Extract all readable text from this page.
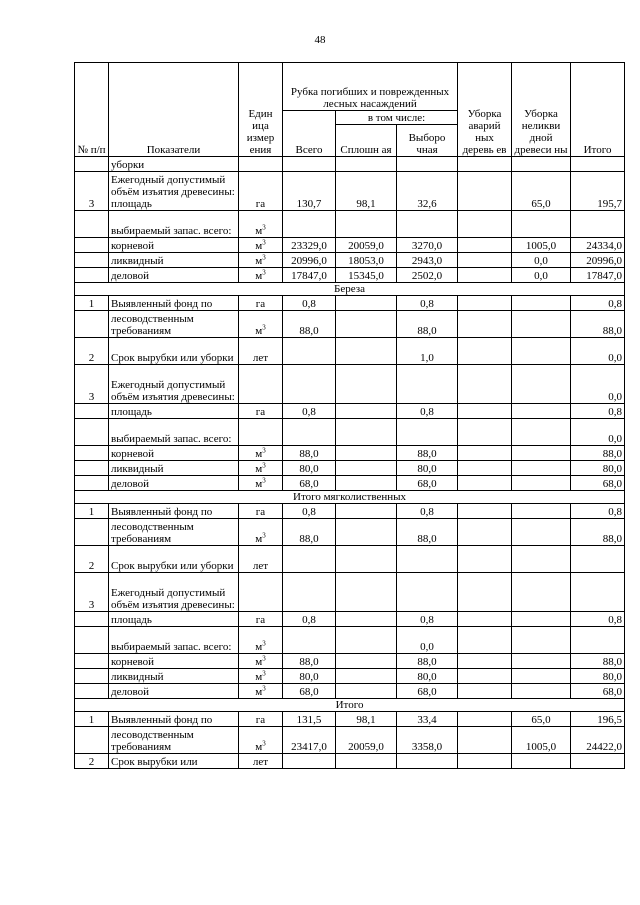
48
№ п/п	Показатели	Един ица измер ения	Рубка погибших и поврежденных лесных насаждений			Уборка аварий ных деревь ев	Уборка неликви дной древеси ны	Итого
			Всего	в том числе:				
				Сплошн ая	Выборо чная			
	уборки							
3	Ежегодный допустимый объём изъятия древесины: площадь	га	130,7	98,1	32,6		65,0	195,7
	выбираемый запас. всего:	$м^3$						
	корневой	$м^3$	23329,0	20059,0	3270,0		1005,0	24334,0
	ликвидный	$м^3$	20996,0	18053,0	2943,0		0,0	20996,0
	деловой	$м^3$	17847,0	15345,0	2502,0		0,0	17847,0
Береза								
1	Выявленный фонд по	га	0,8		0,8			0,8
	лесоводственным требованиям	$м^3$	88,0		88,0			88,0
2	Срок вырубки или уборки	лет			1,0			0,0
3	Ежегодный допустимый объём изъятия древесины:							0,0
	площадь	га	0,8		0,8			0,8
	выбираемый запас. всего:							0,0
	корневой	$м^3$	88,0		88,0			88,0
	ликвидный	$м^3$	80,0		80,0			80,0
	деловой	$м^3$	68,0		68,0			68,0
Итого мягколиственных								
1	Выявленный фонд по	га	0,8		0,8			0,8
	лесоводственным требованиям	$м^3$	88,0		88,0			88,0
2	Срок вырубки или уборки	лет						
3	Ежегодный допустимый объём изъятия древесины:							
	площадь	га	0,8		0,8			0,8
	выбираемый запас. всего:	$м^3$			0,0			
	корневой	$м^3$	88,0		88,0			88,0
	ликвидный	$м^3$	80,0		80,0			80,0
	деловой	$м^3$	68,0		68,0			68,0
Итого								
1	Выявленный фонд по	га	131,5	98,1	33,4		65,0	196,5
	лесоводственным требованиям	$м^3$	23417,0	20059,0	3358,0		1005,0	24422,0
2	Срок вырубки или	лет						
